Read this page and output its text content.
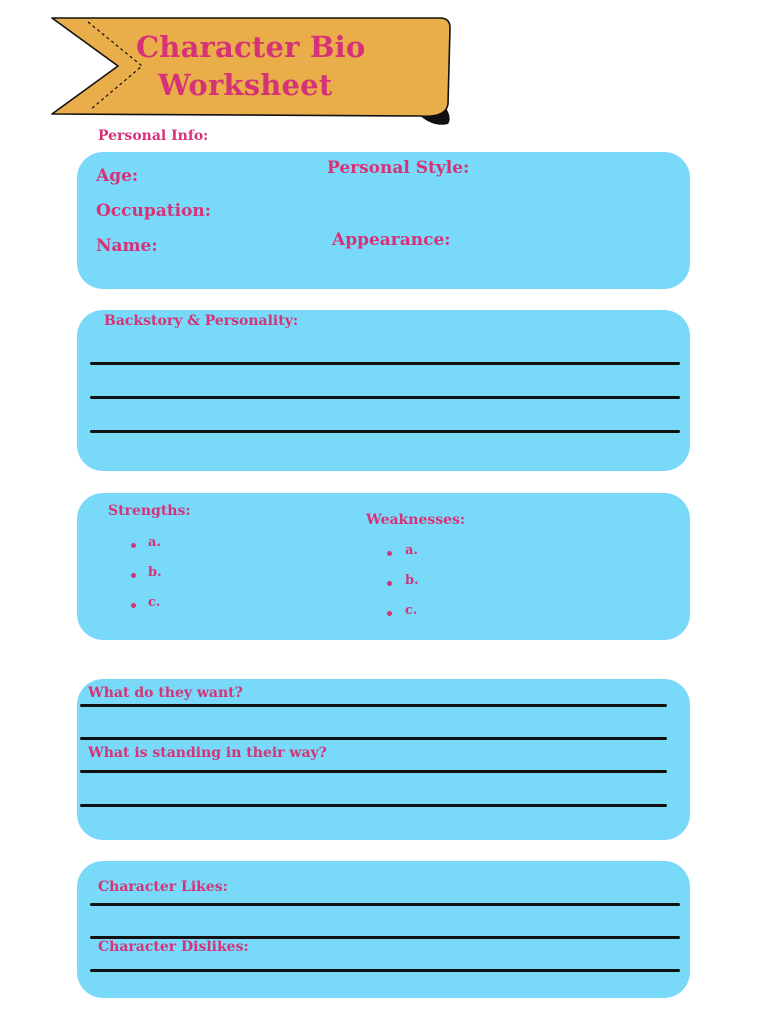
Character Bio
Worksheet
Personal Info:
Age:
Occupation:
Name:
Personal Style:
Appearance:
Backstory & Personality:
Strengths:
a.
b.
c.
Weaknesses:
a.
b.
c.
What do they want?
What is standing in their way?
Character Likes:
Character Dislikes:
